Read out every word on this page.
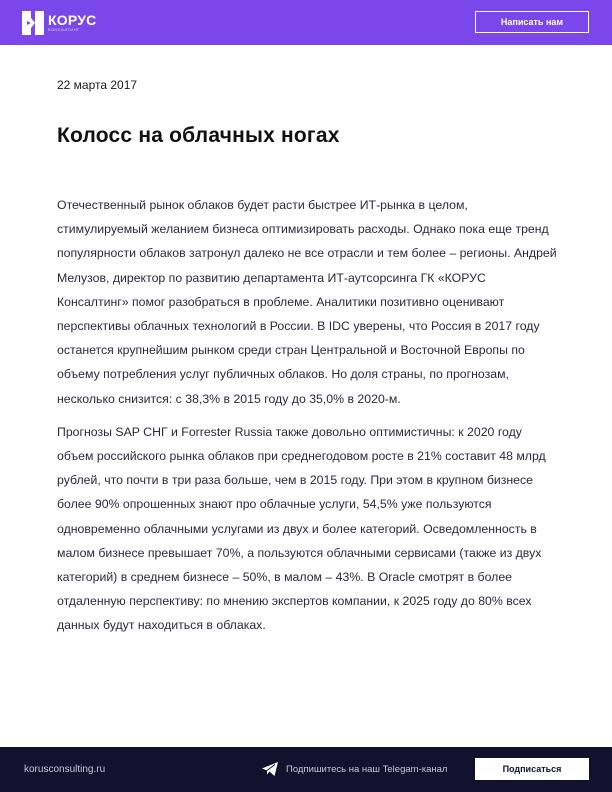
КОРУС
КОНСАЛТИНГ
Написать нам
22 марта 2017
Колосс на облачных ногах

Отечественный рынок облаков будет расти быстрее ИТ-рынка в целом, стимулируемый желанием бизнеса оптимизировать расходы. Однако пока еще тренд популярности облаков затронул далеко не все отрасли и тем более – регионы. Андрей Мелузов, директор по развитию департамента ИТ-аутсорсинга ГК «КОРУС Консалтинг» помог разобраться в проблеме. Аналитики позитивно оценивают перспективы облачных технологий в России. В IDC уверены, что Россия в 2017 году останется крупнейшим рынком среди стран Центральной и Восточной Европы по объему потребления услуг публичных облаков. Но доля страны, по прогнозам, несколько снизится: с 38,3% в 2015 году до 35,0% в 2020-м.

Прогнозы SAP СНГ и Forrester Russia также довольно оптимистичны: к 2020 году объем российского рынка облаков при среднегодовом росте в 21% составит 48 млрд рублей, что почти в три раза больше, чем в 2015 году. При этом в крупном бизнесе более 90% опрошенных знают про облачные услуги, 54,5% уже пользуются одновременно облачными услугами из двух и более категорий. Осведомленность в малом бизнесе превышает 70%, а пользуются облачными сервисами (также из двух категорий) в среднем бизнесе – 50%, в малом – 43%. В Oracle смотрят в более отдаленную перспективу: по мнению экспертов компании, к 2025 году до 80% всех данных будут находиться в облаках.

korusconsulting.ru	Подпишитесь на наш Telegam-канал	Подписаться
